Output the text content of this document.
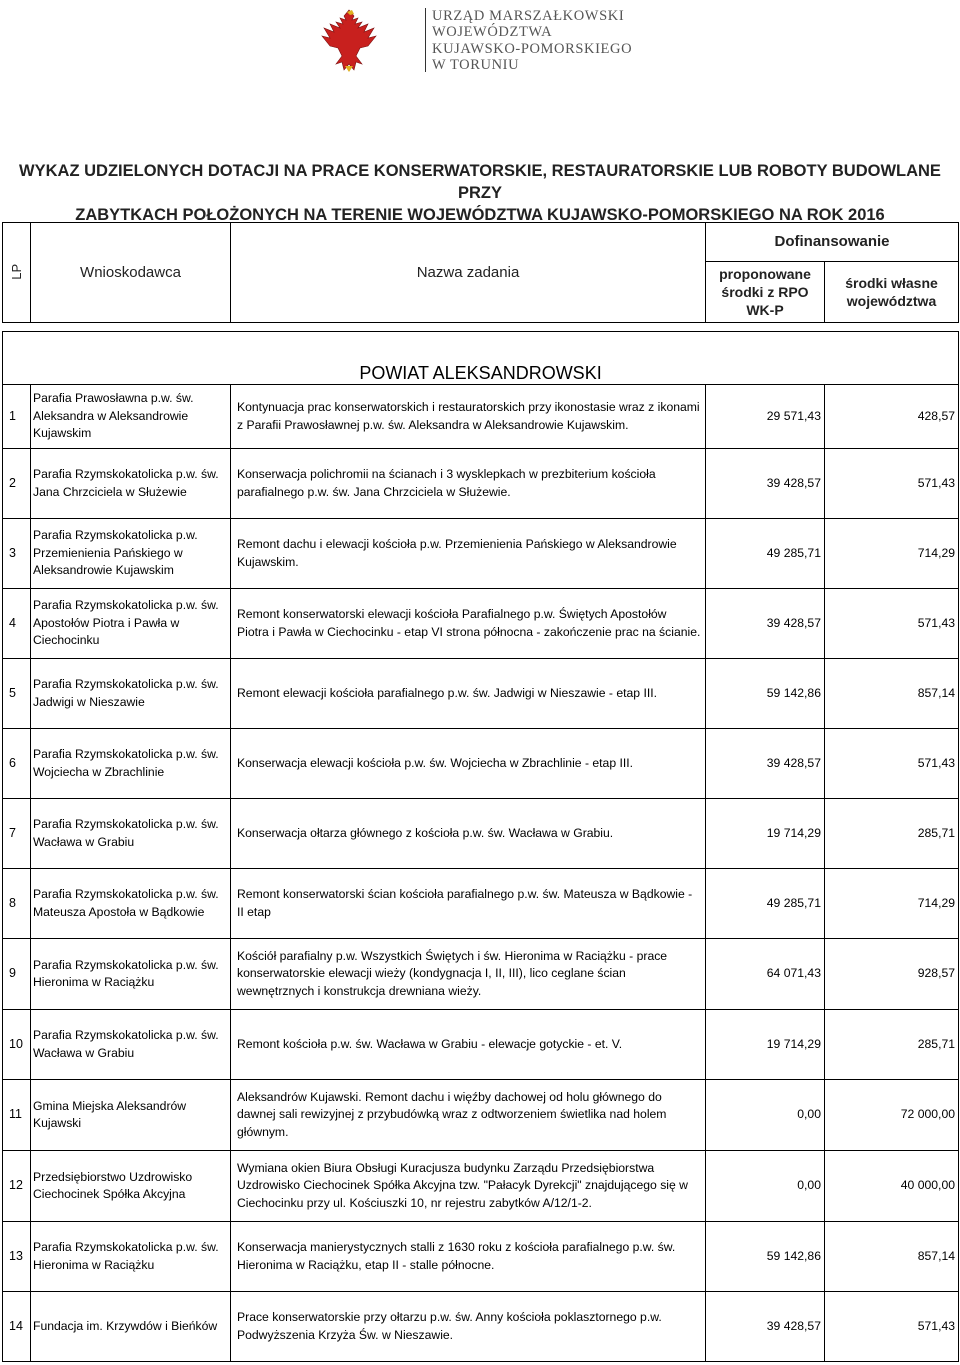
URZĄD MARSZAŁKOWSKI
WOJEWÓDZTWA
KUJAWSKO-POMORSKIEGO
W TORUNIU
WYKAZ UDZIELONYCH DOTACJI NA PRACE KONSERWATORSKIE, RESTAURATORSKIE LUB ROBOTY BUDOWLANE PRZY
ZABYTKACH POŁOŻONYCH NA TERENIE WOJEWÓDZTWA KUJAWSKO-POMORSKIEGO NA ROK 2016
LP	Wnioskodawca	Nazwa zadania	Dofinansowanie	
			proponowane środki z RPO WK-P	środki własne województwa

POWIAT ALEKSANDROWSKI				
1	Parafia Prawosławna p.w. św. Aleksandra w Aleksandrowie Kujawskim	Kontynuacja prac konserwatorskich i restauratorskich przy ikonostasie wraz z ikonami z Parafii Prawosławnej p.w. św. Aleksandra w Aleksandrowie Kujawskim.	29 571,43	428,57
2	Parafia Rzymskokatolicka p.w. św. Jana Chrzciciela w Służewie	Konserwacja polichromii na ścianach i 3 wysklepkach w prezbiterium kościoła parafialnego p.w. św. Jana Chrzciciela w Służewie.	39 428,57	571,43
3	Parafia Rzymskokatolicka p.w. Przemienienia Pańskiego w Aleksandrowie Kujawskim	Remont dachu i elewacji kościoła p.w. Przemienienia Pańskiego w Aleksandrowie Kujawskim.	49 285,71	714,29
4	Parafia Rzymskokatolicka p.w. św. Apostołów Piotra i Pawła w Ciechocinku	Remont konserwatorski elewacji kościoła Parafialnego p.w. Świętych Apostołów Piotra i Pawła w Ciechocinku - etap VI strona północna - zakończenie prac na ścianie.	39 428,57	571,43
5	Parafia Rzymskokatolicka p.w. św. Jadwigi w Nieszawie	Remont elewacji kościoła parafialnego p.w. św. Jadwigi w Nieszawie - etap III.	59 142,86	857,14
6	Parafia Rzymskokatolicka p.w. św. Wojciecha w Zbrachlinie	Konserwacja elewacji kościoła p.w. św. Wojciecha w Zbrachlinie - etap III.	39 428,57	571,43
7	Parafia Rzymskokatolicka p.w. św. Wacława w Grabiu	Konserwacja ołtarza głównego z kościoła p.w. św. Wacława w Grabiu.	19 714,29	285,71
8	Parafia Rzymskokatolicka p.w. św. Mateusza Apostoła w Bądkowie	Remont konserwatorski ścian kościoła parafialnego p.w. św. Mateusza w Bądkowie - II etap	49 285,71	714,29
9	Parafia Rzymskokatolicka p.w. św. Hieronima w Raciążku	Kościół parafialny p.w. Wszystkich Świętych i św. Hieronima w Raciążku - prace konserwatorskie elewacji wieży (kondygnacja I, II, III), lico ceglane ścian wewnętrznych i konstrukcja drewniana wieży.	64 071,43	928,57
10	Parafia Rzymskokatolicka p.w. św. Wacława w Grabiu	Remont kościoła p.w. św. Wacława w Grabiu - elewacje gotyckie - et. V.	19 714,29	285,71
11	Gmina Miejska Aleksandrów Kujawski	Aleksandrów Kujawski. Remont dachu i więźby dachowej od holu głównego do dawnej sali rewizyjnej z przybudówką wraz z odtworzeniem świetlika nad holem głównym.	0,00	72 000,00
12	Przedsiębiorstwo Uzdrowisko Ciechocinek Spółka Akcyjna	Wymiana okien Biura Obsługi Kuracjusza budynku Zarządu Przedsiębiorstwa Uzdrowisko Ciechocinek Spółka Akcyjna tzw. "Pałacyk Dyrekcji" znajdującego się w Ciechocinku przy ul. Kościuszki 10, nr rejestru zabytków A/12/1-2.	0,00	40 000,00
13	Parafia Rzymskokatolicka p.w. św. Hieronima w Raciążku	Konserwacja manierystycznych stalli z 1630 roku z kościoła parafialnego p.w. św. Hieronima w Raciążku, etap II - stalle północne.	59 142,86	857,14
14	Fundacja im. Krzywdów i Bieńków	Prace konserwatorskie przy ołtarzu p.w. św. Anny kościoła poklasztornego p.w. Podwyższenia Krzyża Św. w Nieszawie.	39 428,57	571,43
